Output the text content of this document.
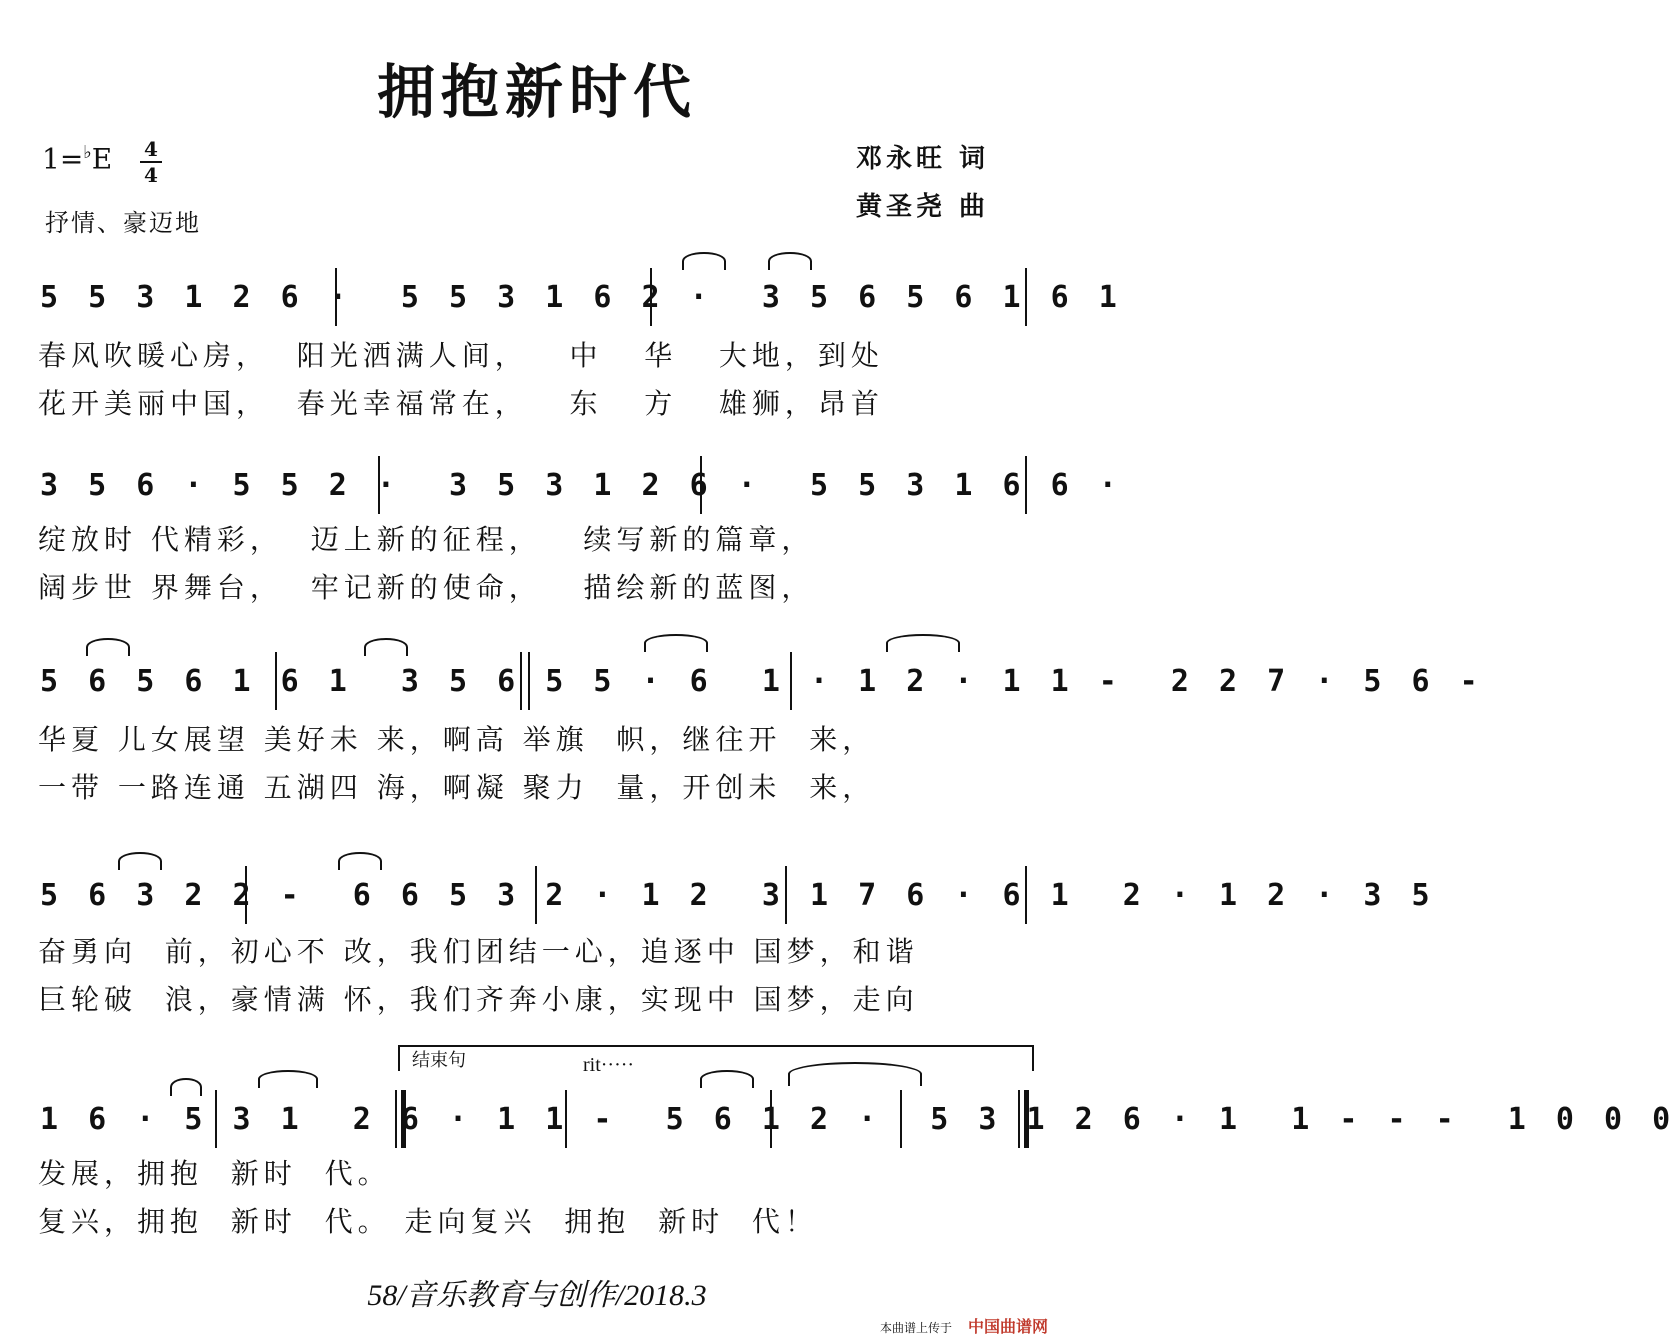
拥抱新时代
1=♭E 4
4
抒情、豪迈地
邓永旺 词
黄圣尧 曲
5 5 3 1 2 6 ·  5 5 3 1 6 2 ·  3 5 6 5 6 1 6 1
春风吹暖心房，  阳光洒满人间，   中   华   大地，到处
花开美丽中国，  春光幸福常在，   东   方   雄狮，昂首
3 5 6 · 5 5 2 ·  3 5 3 1 2 6 ·  5 5 3 1 6 6 ·
绽放时 代精彩，  迈上新的征程，   续写新的篇章，
阔步世 界舞台，  牢记新的使命，   描绘新的蓝图，
5 6 5 6 1 6 1  3 5 6 5 5 · 6  1 · 1 2 · 1 1 -  2 2 7 · 5 6 -
华夏 儿女展望 美好未 来，啊高 举旗  帜，继往开  来，
一带 一路连通 五湖四 海，啊凝 聚力  量，开创未  来，
5 6 3 2 2 -  6 6 5 3 2 · 1 2  3 1 7 6 · 6 1  2 · 1 2 · 3 5
奋勇向  前，初心不 改，我们团结一心，追逐中 国梦，和谐
巨轮破  浪，豪情满 怀，我们齐奔小康，实现中 国梦，走向
结束句	rit·····
1 6 · 5 3 1  2 6 · 1 1 -  5 6 1 2 ·  5 3 1 2 6 · 1  1 - - -  1 0 0 0
发展，拥抱  新时  代。
复兴，拥抱  新时  代。 走向复兴  拥抱  新时  代！
58/音乐教育与创作/2018.3
本曲谱上传于 中国曲谱网
